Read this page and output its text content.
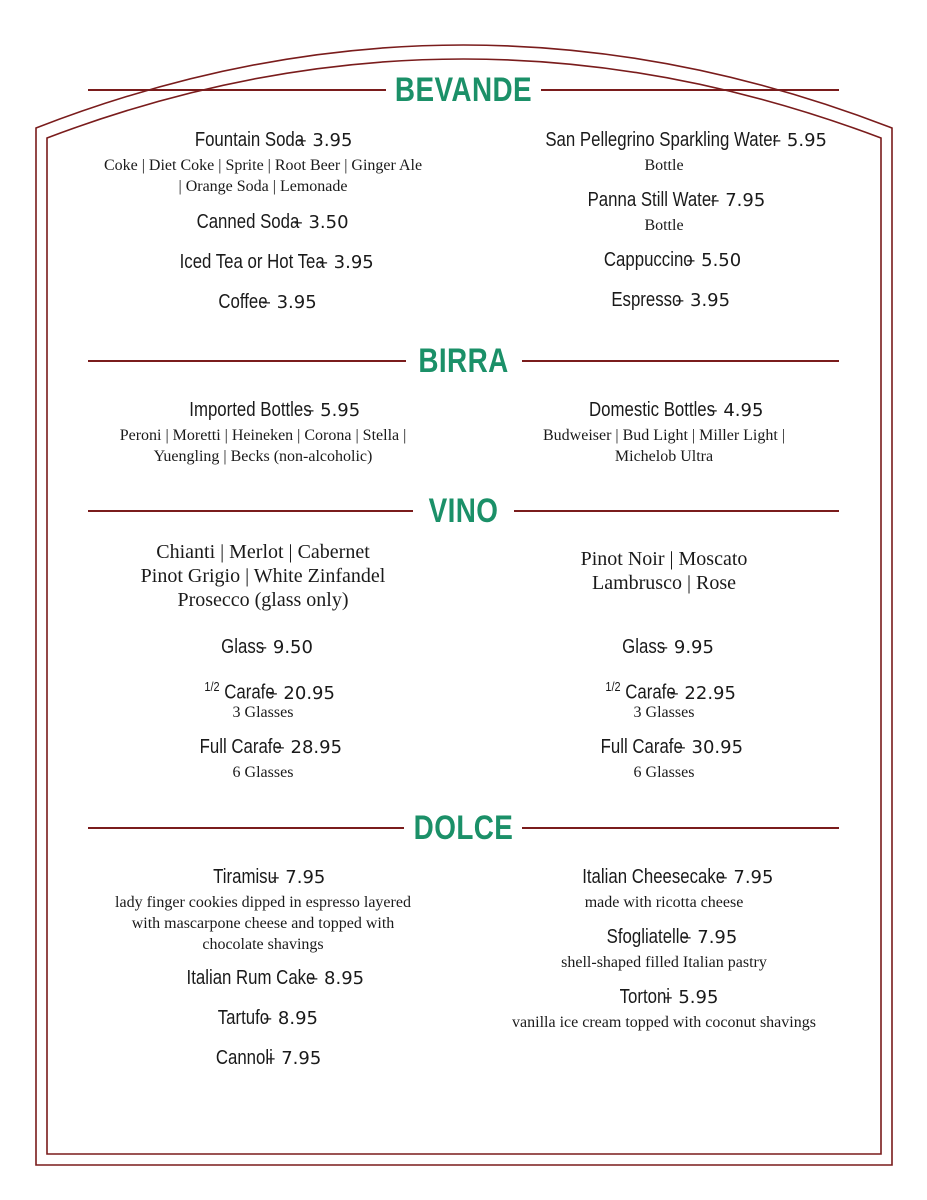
BEVANDE
Fountain Soda– 3.95
Coke | Diet Coke | Sprite | Root Beer | Ginger Ale | Orange Soda | Lemonade
Canned Soda– 3.50
Iced Tea or Hot Tea– 3.95
Coffee– 3.95
San Pellegrino Sparkling Water– 5.95
Bottle
Panna Still Water– 7.95
Bottle
Cappuccino– 5.50
Espresso– 3.95
BIRRA
Imported Bottles– 5.95
Peroni | Moretti | Heineken | Corona | Stella | Yuengling | Becks (non-alcoholic)
Domestic Bottles– 4.95
Budweiser | Bud Light | Miller Light | Michelob Ultra
VINO
Chianti | Merlot | Cabernet
Pinot Grigio | White Zinfandel
Prosecco (glass only)
Glass– 9.50
$^{1/2}$ Carafe– 20.95
3 Glasses
Full Carafe– 28.95
6 Glasses
Pinot Noir | Moscato
Lambrusco | Rose
Glass– 9.95
$^{1/2}$ Carafe– 22.95
3 Glasses
Full Carafe– 30.95
6 Glasses
DOLCE
Tiramisu– 7.95
lady finger cookies dipped in espresso layered with mascarpone cheese and topped with chocolate shavings
Italian Rum Cake– 8.95
Tartufo– 8.95
Cannoli– 7.95
Italian Cheesecake– 7.95
made with ricotta cheese
Sfogliatelle– 7.95
shell-shaped filled Italian pastry
Tortoni– 5.95
vanilla ice cream topped with coconut shavings
